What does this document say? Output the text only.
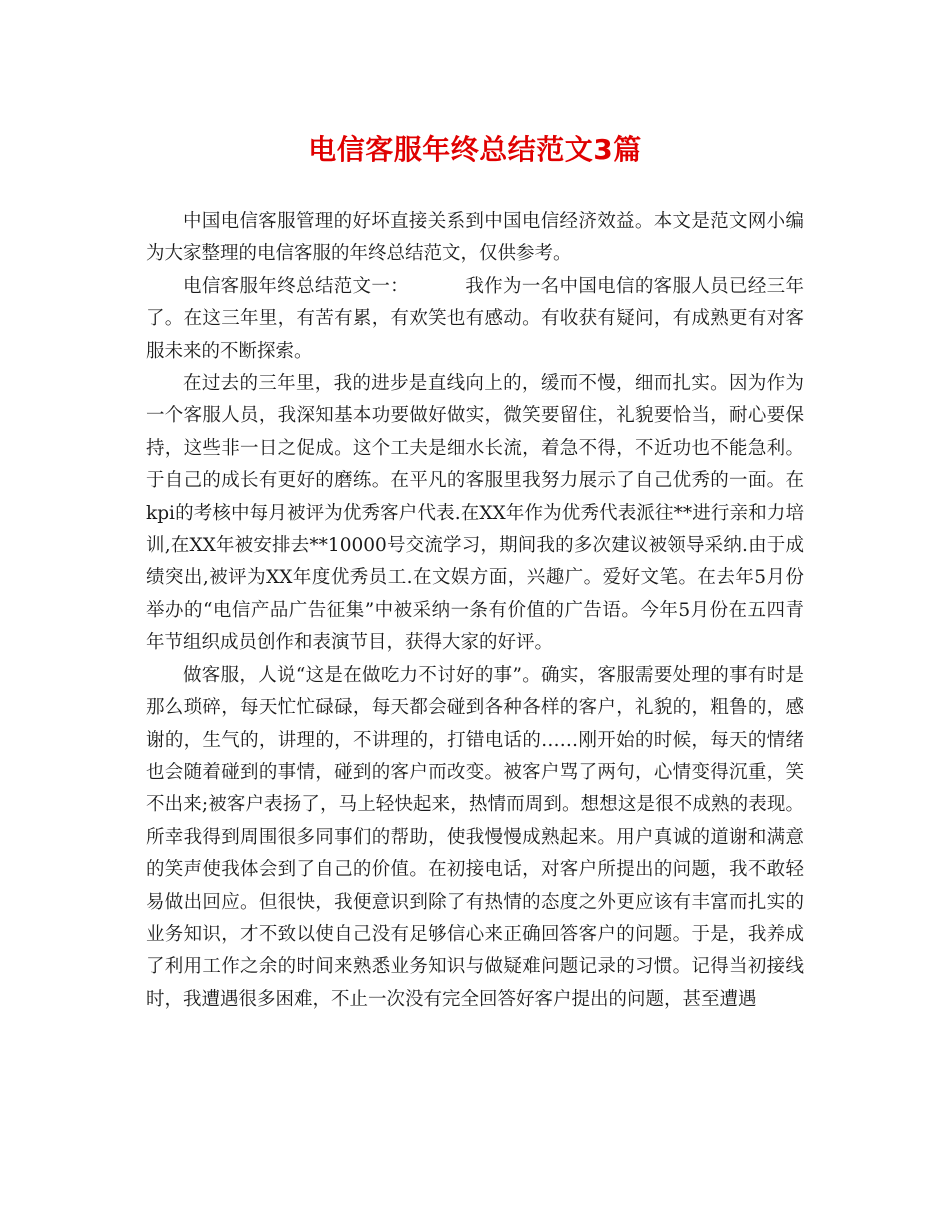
电信客服年终总结范文3篇

中国电信客服管理的好坏直接关系到中国电信经济效益。本文是范文网小编为大家整理的电信客服的年终总结范文，仅供参考。

电信客服年终总结范文一：	我作为一名中国电信的客服人员已经三年了。在这三年里，有苦有累，有欢笑也有感动。有收获有疑问，有成熟更有对客服未来的不断探索。

在过去的三年里，我的进步是直线向上的，缓而不慢，细而扎实。因为作为一个客服人员，我深知基本功要做好做实，微笑要留住，礼貌要恰当，耐心要保持，这些非一日之促成。这个工夫是细水长流，着急不得，不近功也不能急利。于自己的成长有更好的磨练。在平凡的客服里我努力展示了自己优秀的一面。在kpi的考核中每月被评为优秀客户代表.在XX年作为优秀代表派往**进行亲和力培训,在XX年被安排去**10000号交流学习，期间我的多次建议被领导采纳.由于成绩突出,被评为XX年度优秀员工.在文娱方面，兴趣广。爱好文笔。在去年5月份举办的“电信产品广告征集”中被采纳一条有价值的广告语。今年5月份在五四青年节组织成员创作和表演节目，获得大家的好评。

做客服，人说“这是在做吃力不讨好的事”。确实，客服需要处理的事有时是那么琐碎，每天忙忙碌碌，每天都会碰到各种各样的客户，礼貌的，粗鲁的，感谢的，生气的，讲理的，不讲理的，打错电话的……刚开始的时候，每天的情绪也会随着碰到的事情，碰到的客户而改变。被客户骂了两句，心情变得沉重，笑不出来;被客户表扬了，马上轻快起来，热情而周到。想想这是很不成熟的表现。所幸我得到周围很多同事们的帮助，使我慢慢成熟起来。用户真诚的道谢和满意的笑声使我体会到了自己的价值。在初接电话，对客户所提出的问题，我不敢轻易做出回应。但很快，我便意识到除了有热情的态度之外更应该有丰富而扎实的业务知识，才不致以使自己没有足够信心来正确回答客户的问题。于是，我养成了利用工作之余的时间来熟悉业务知识与做疑难问题记录的习惯。记得当初接线时，我遭遇很多困难，不止一次没有完全回答好客户提出的问题，甚至遭遇
